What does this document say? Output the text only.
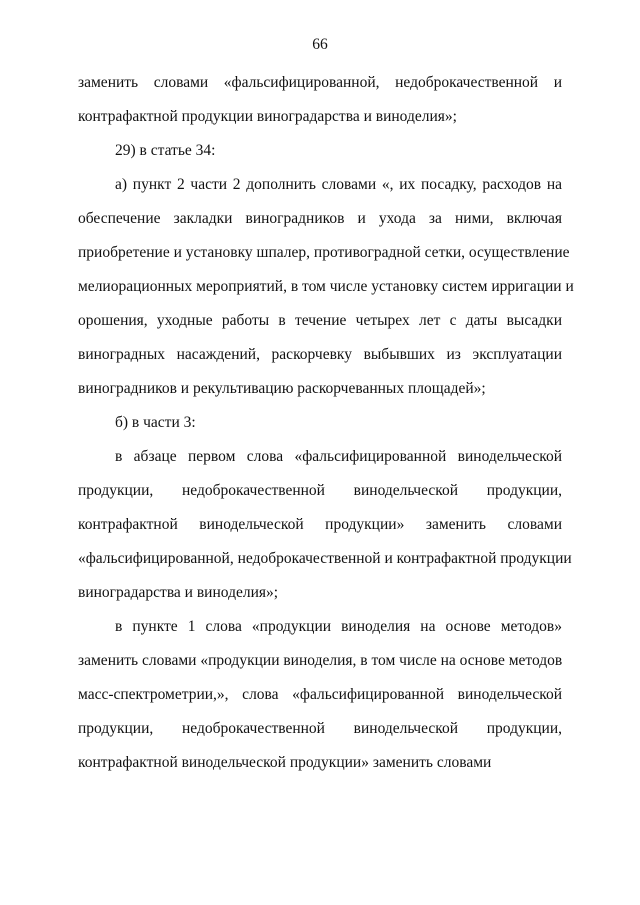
66
заменить словами «фальсифицированной, недоброкачественной и
контрафактной продукции виноградарства и виноделия»;
29) в статье 34:
а) пункт 2 части 2 дополнить словами «, их посадку, расходов на
обеспечение закладки виноградников и ухода за ними, включая
приобретение и установку шпалер, противоградной сетки, осуществление
мелиорационных мероприятий, в том числе установку систем ирригации и
орошения, уходные работы в течение четырех лет с даты высадки
виноградных насаждений, раскорчевку выбывших из эксплуатации
виноградников и рекультивацию раскорчеванных площадей»;
б) в части 3:
в абзаце первом слова «фальсифицированной винодельческой
продукции, недоброкачественной винодельческой продукции,
контрафактной винодельческой продукции» заменить словами
«фальсифицированной, недоброкачественной и контрафактной продукции
виноградарства и виноделия»;
в пункте 1 слова «продукции виноделия на основе методов»
заменить словами «продукции виноделия, в том числе на основе методов
масс-спектрометрии,», слова «фальсифицированной винодельческой
продукции, недоброкачественной винодельческой продукции,
контрафактной винодельческой продукции» заменить словами
